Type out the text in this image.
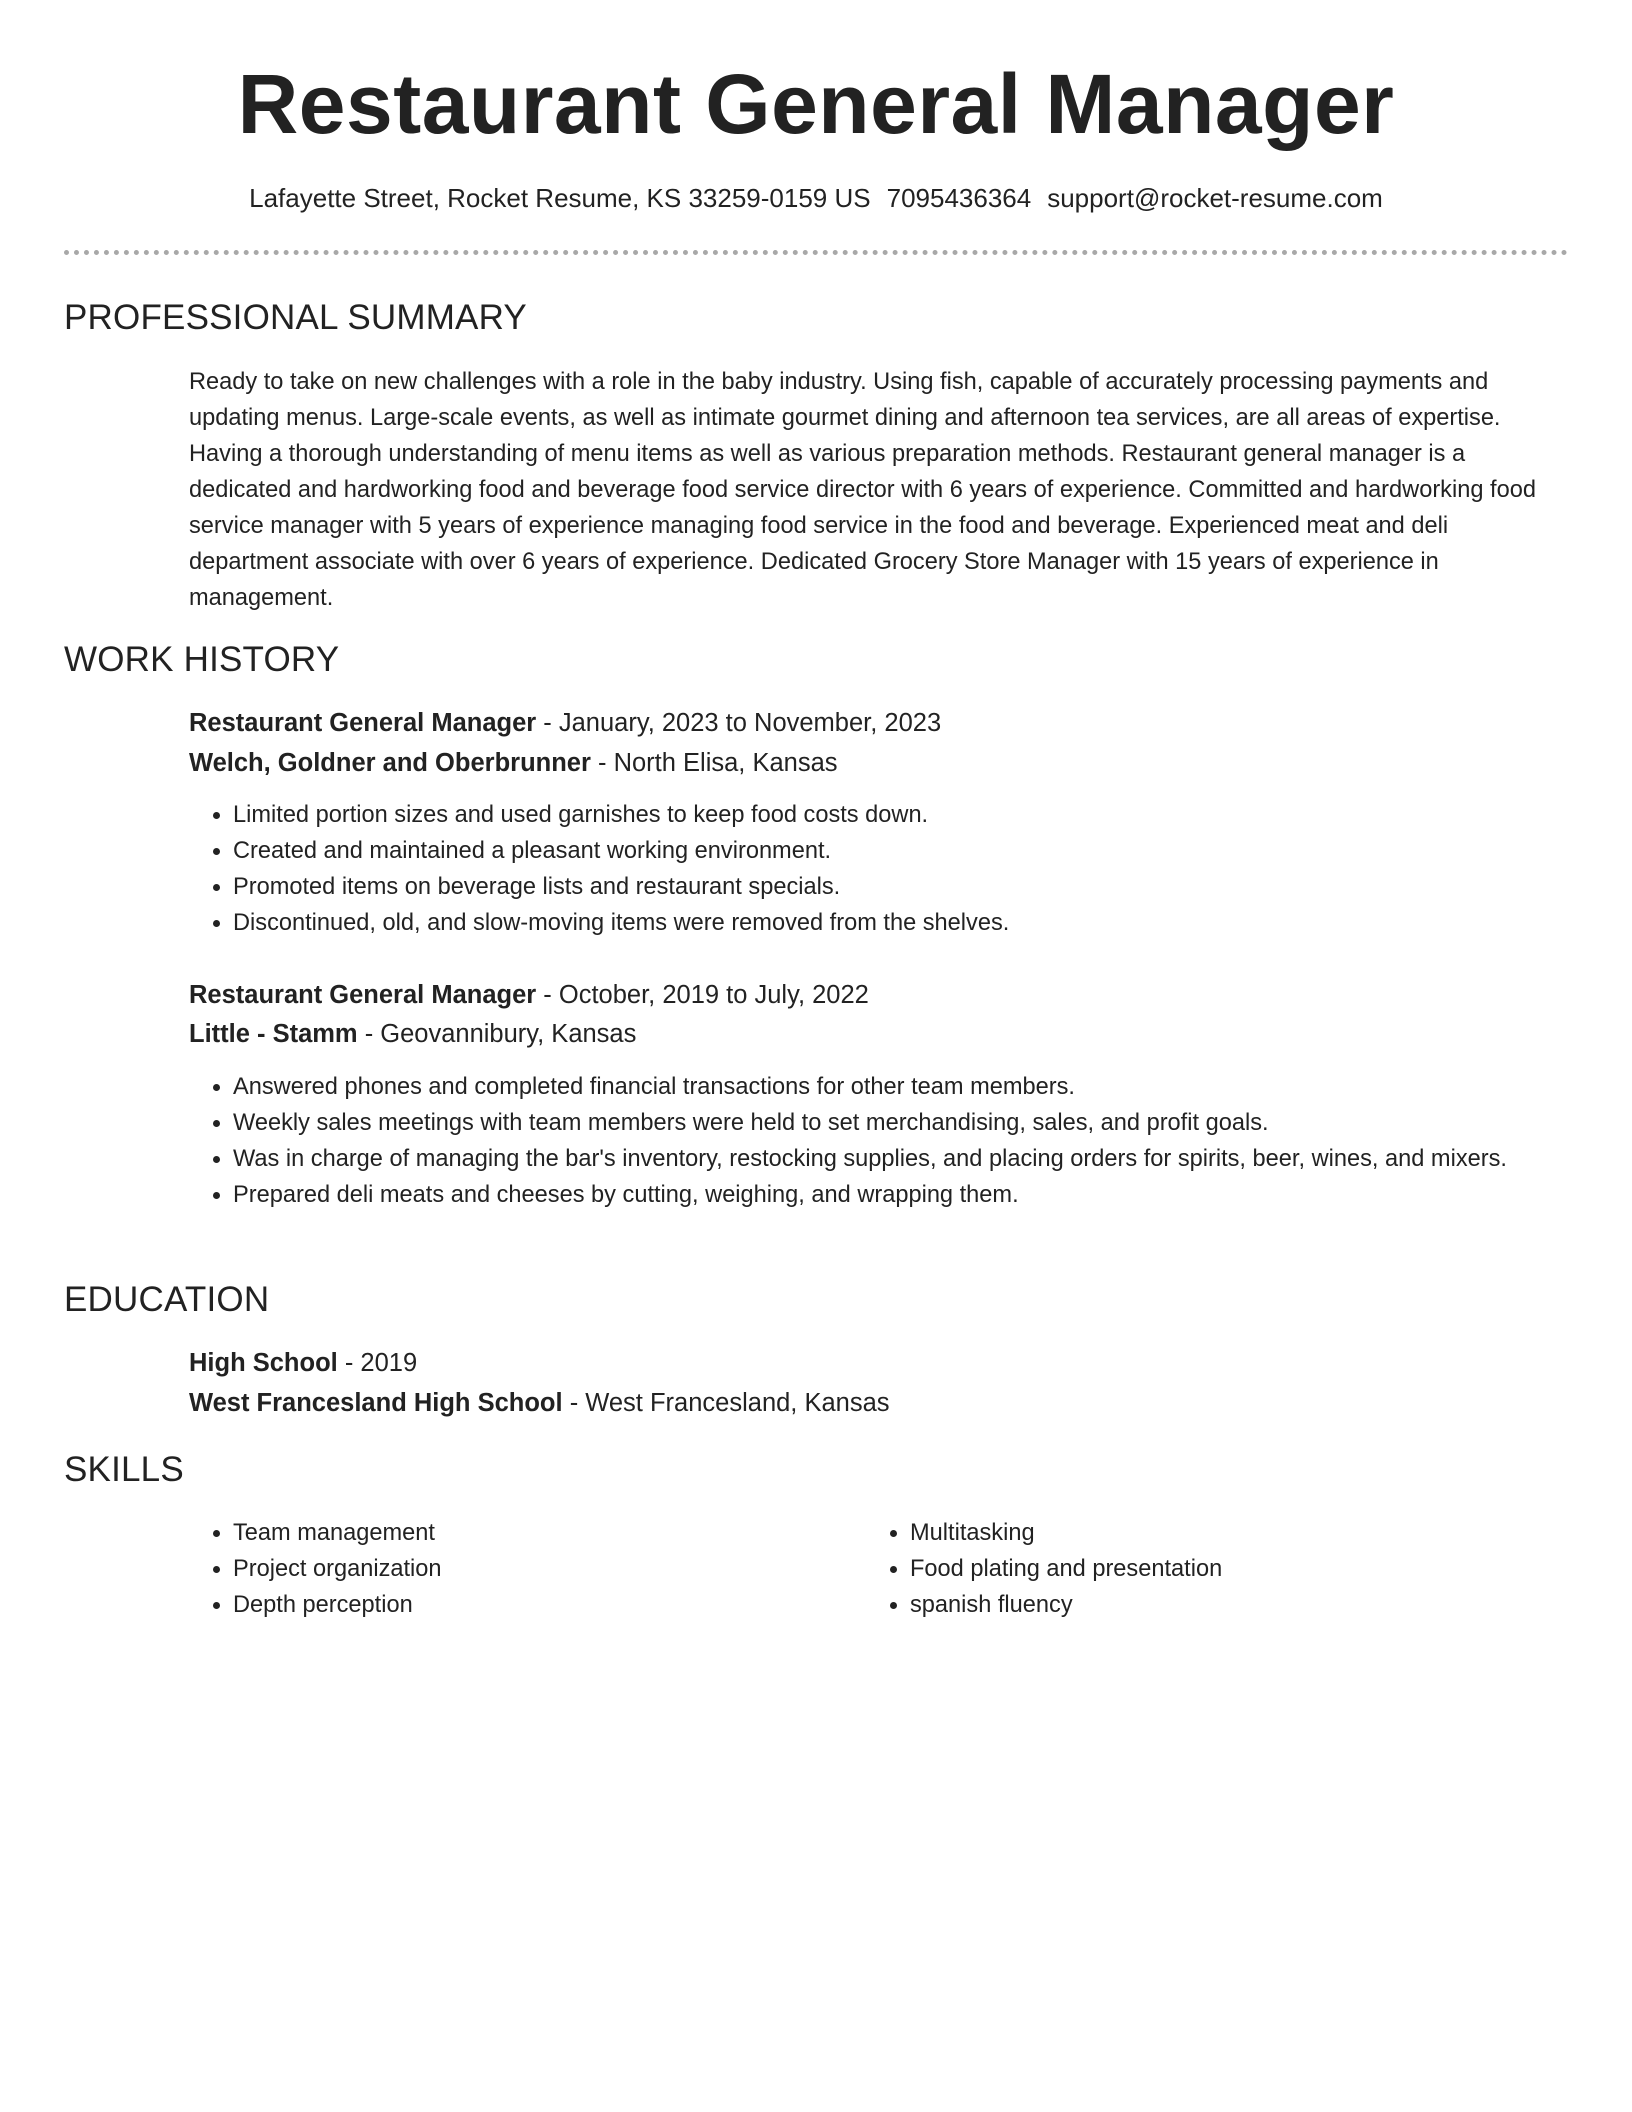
Restaurant General Manager
Lafayette Street, Rocket Resume, KS 33259-0159 US 7095436364 support@rocket-resume.com
PROFESSIONAL SUMMARY
Ready to take on new challenges with a role in the baby industry. Using fish, capable of accurately processing payments and updating menus. Large-scale events, as well as intimate gourmet dining and afternoon tea services, are all areas of expertise. Having a thorough understanding of menu items as well as various preparation methods. Restaurant general manager is a dedicated and hardworking food and beverage food service director with 6 years of experience. Committed and hardworking food service manager with 5 years of experience managing food service in the food and beverage. Experienced meat and deli department associate with over 6 years of experience. Dedicated Grocery Store Manager with 15 years of experience in management.
WORK HISTORY
Restaurant General Manager - January, 2023 to November, 2023
Welch, Goldner and Oberbrunner - North Elisa, Kansas
• Limited portion sizes and used garnishes to keep food costs down.
• Created and maintained a pleasant working environment.
• Promoted items on beverage lists and restaurant specials.
• Discontinued, old, and slow-moving items were removed from the shelves.
Restaurant General Manager - October, 2019 to July, 2022
Little - Stamm - Geovannibury, Kansas
• Answered phones and completed financial transactions for other team members.
• Weekly sales meetings with team members were held to set merchandising, sales, and profit goals.
• Was in charge of managing the bar's inventory, restocking supplies, and placing orders for spirits, beer, wines, and mixers.
• Prepared deli meats and cheeses by cutting, weighing, and wrapping them.
EDUCATION
High School - 2019
West Francesland High School - West Francesland, Kansas
SKILLS
• Team management
• Project organization
• Depth perception
• Multitasking
• Food plating and presentation
• spanish fluency
